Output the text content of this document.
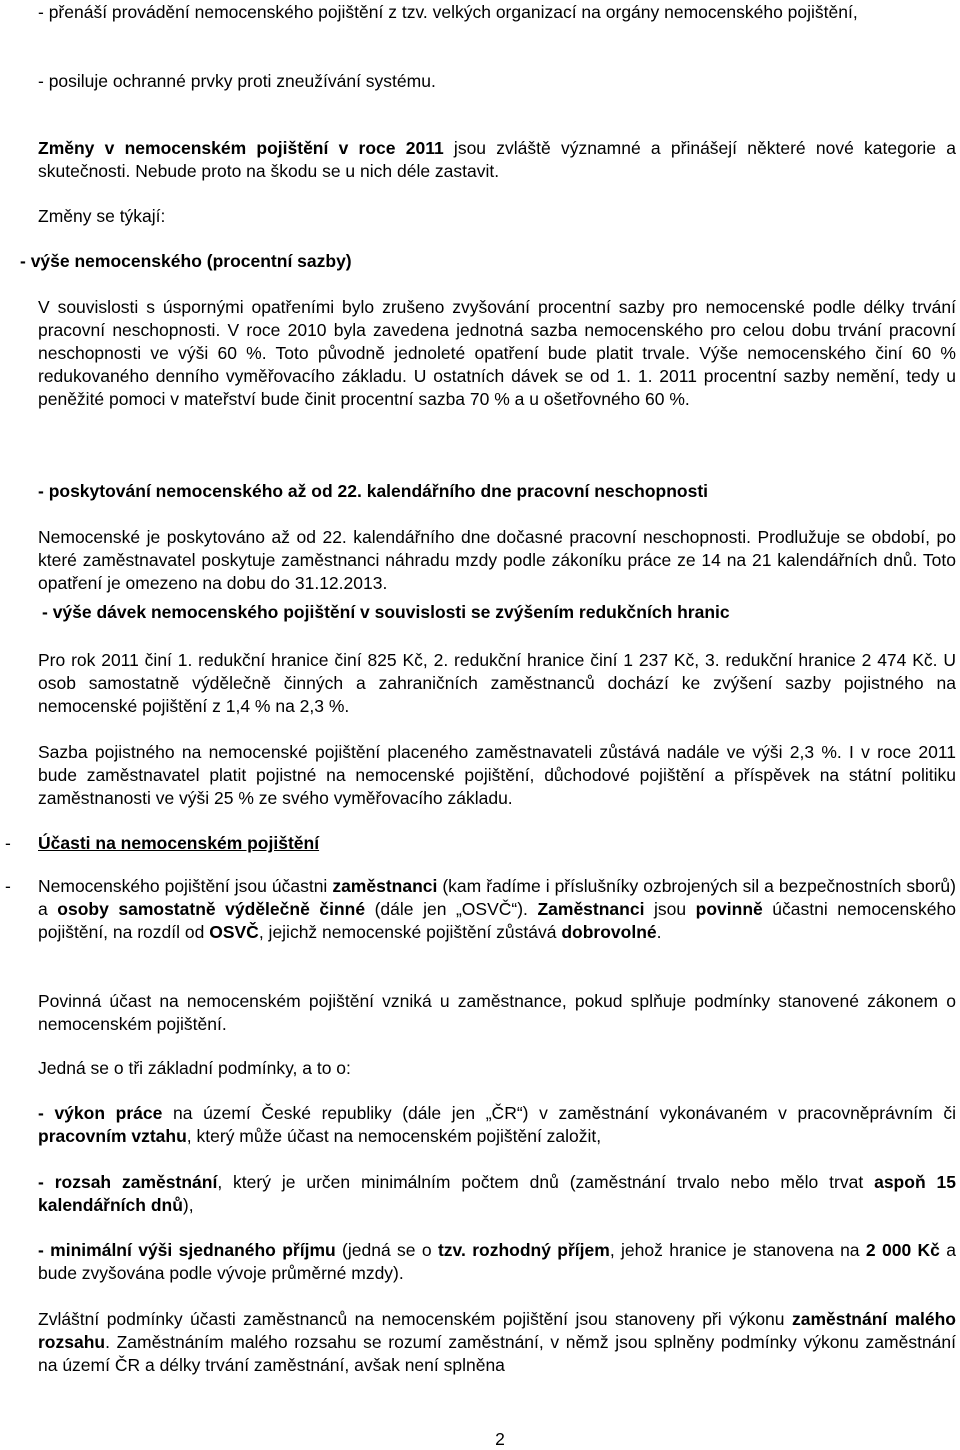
- přenáší provádění nemocenského pojištění z tzv. velkých organizací na orgány nemocenského pojištění,

- posiluje ochranné prvky proti zneužívání systému.

Změny v nemocenském pojištění v roce 2011 jsou zvláště významné a přinášejí některé nové kategorie a skutečnosti. Nebude proto na škodu se u nich déle zastavit.

Změny se týkají:

- výše nemocenského (procentní sazby)

V souvislosti s úspornými opatřeními bylo zrušeno zvyšování procentní sazby pro nemocenské podle délky trvání pracovní neschopnosti. V roce 2010 byla zavedena jednotná sazba nemocenského pro celou dobu trvání pracovní neschopnosti ve výši 60 %. Toto původně jednoleté opatření bude platit trvale. Výše nemocenského činí 60 % redukovaného denního vyměřovacího základu. U ostatních dávek se od 1. 1. 2011 procentní sazby nemění, tedy u peněžité pomoci v mateřství bude činit procentní sazba 70 % a u ošetřovného 60 %.

- poskytování nemocenského až od 22. kalendářního dne pracovní neschopnosti

Nemocenské je poskytováno až od 22. kalendářního dne dočasné pracovní neschopnosti. Prodlužuje se období, po které zaměstnavatel poskytuje zaměstnanci náhradu mzdy podle zákoníku práce ze 14 na 21 kalendářních dnů. Toto opatření je omezeno na dobu do 31.12.2013.

- výše dávek nemocenského pojištění v souvislosti se zvýšením redukčních hranic

Pro rok 2011 činí 1. redukční hranice činí 825 Kč, 2. redukční hranice činí 1 237 Kč, 3. redukční hranice 2 474 Kč. U osob samostatně výdělečně činných a zahraničních zaměstnanců dochází ke zvýšení sazby pojistného na nemocenské pojištění z 1,4 % na 2,3 %.

Sazba pojistného na nemocenské pojištění placeného zaměstnavateli zůstává nadále ve výši 2,3 %. I v roce 2011 bude zaměstnavatel platit pojistné na nemocenské pojištění, důchodové pojištění a příspěvek na státní politiku zaměstnanosti ve výši 25 % ze svého vyměřovacího základu.

- Účasti na nemocenském pojištění

- Nemocenského pojištění jsou účastni zaměstnanci (kam řadíme i příslušníky ozbrojených sil a bezpečnostních sborů) a osoby samostatně výdělečně činné (dále jen „OSVČ“). Zaměstnanci jsou povinně účastni nemocenského pojištění, na rozdíl od OSVČ, jejichž nemocenské pojištění zůstává dobrovolné.

Povinná účast na nemocenském pojištění vzniká u zaměstnance, pokud splňuje podmínky stanovené zákonem o nemocenském pojištění.

Jedná se o tři základní podmínky, a to o:

- výkon práce na území České republiky (dále jen „ČR“) v zaměstnání vykonávaném v pracovněprávním či pracovním vztahu, který může účast na nemocenském pojištění založit,

- rozsah zaměstnání, který je určen minimálním počtem dnů (zaměstnání trvalo nebo mělo trvat aspoň 15 kalendářních dnů),

- minimální výši sjednaného příjmu (jedná se o tzv. rozhodný příjem, jehož hranice je stanovena na 2 000 Kč a bude zvyšována podle vývoje průměrné mzdy).

Zvláštní podmínky účasti zaměstnanců na nemocenském pojištění jsou stanoveny při výkonu zaměstnání malého rozsahu. Zaměstnáním malého rozsahu se rozumí zaměstnání, v němž jsou splněny podmínky výkonu zaměstnání na území ČR a délky trvání zaměstnání, avšak není splněna

2
